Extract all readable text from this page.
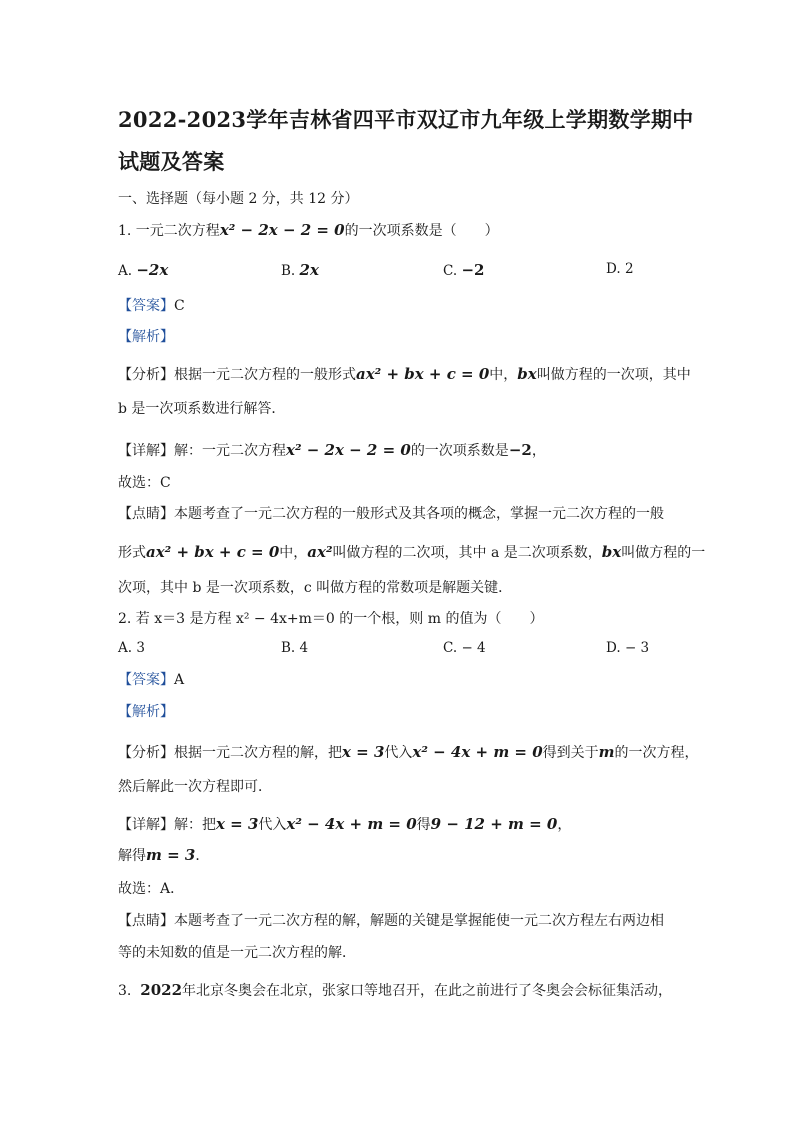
2022-2023学年吉林省四平市双辽市九年级上学期数学期中
试题及答案
一、选择题（每小题 2 分，共 12 分）
1. 一元二次方程x² − 2x − 2 = 0的一次项系数是（　　）
A. −2x	B. 2x	C. −2	D. 2
【答案】C
【解析】
【分析】根据一元二次方程的一般形式ax² + bx + c = 0中，bx叫做方程的一次项，其中
b 是一次项系数进行解答．
【详解】解：一元二次方程x² − 2x − 2 = 0的一次项系数是−2，
故选：C
【点睛】本题考查了一元二次方程的一般形式及其各项的概念，掌握一元二次方程的一般
形式ax² + bx + c = 0中，ax²叫做方程的二次项，其中 a 是二次项系数，bx叫做方程的一
次项，其中 b 是一次项系数，c 叫做方程的常数项是解题关键．
2. 若 x＝3 是方程 x² − 4x+m＝0 的一个根，则 m 的值为（　　）
A. 3	B. 4	C. − 4	D. − 3
【答案】A
【解析】
【分析】根据一元二次方程的解，把x = 3代入x² − 4x + m = 0得到关于m的一次方程，
然后解此一次方程即可．
【详解】解：把x = 3代入x² − 4x + m = 0得9 − 12 + m = 0，
解得m = 3．
故选：A．
【点睛】本题考查了一元二次方程的解，解题的关键是掌握能使一元二次方程左右两边相
等的未知数的值是一元二次方程的解．
3. 2022年北京冬奥会在北京，张家口等地召开，在此之前进行了冬奥会会标征集活动，
